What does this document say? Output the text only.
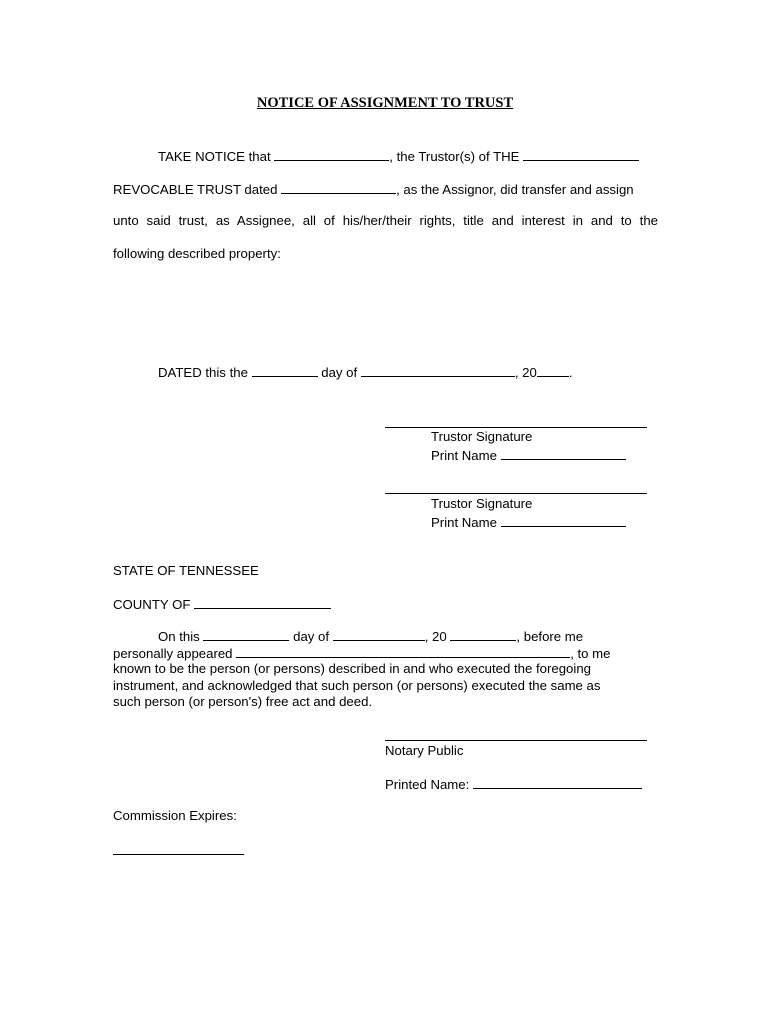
NOTICE OF ASSIGNMENT TO TRUST
TAKE NOTICE that	, the Trustor(s) of THE
REVOCABLE TRUST dated	, as the Assignor, did transfer and assign
unto said trust, as Assignee, all of his/her/their rights, title and interest in and to the
following described property:
DATED this the	day of	, 20 .
Trustor Signature
Print Name
Trustor Signature
Print Name
STATE OF TENNESSEE
COUNTY OF
On this	day of	, 20	, before me
personally appeared	, to me
known to be the person (or persons) described in and who executed the foregoing
instrument, and acknowledged that such person (or persons) executed the same as
such person (or person's) free act and deed.
Notary Public
Printed Name:
Commission Expires:
